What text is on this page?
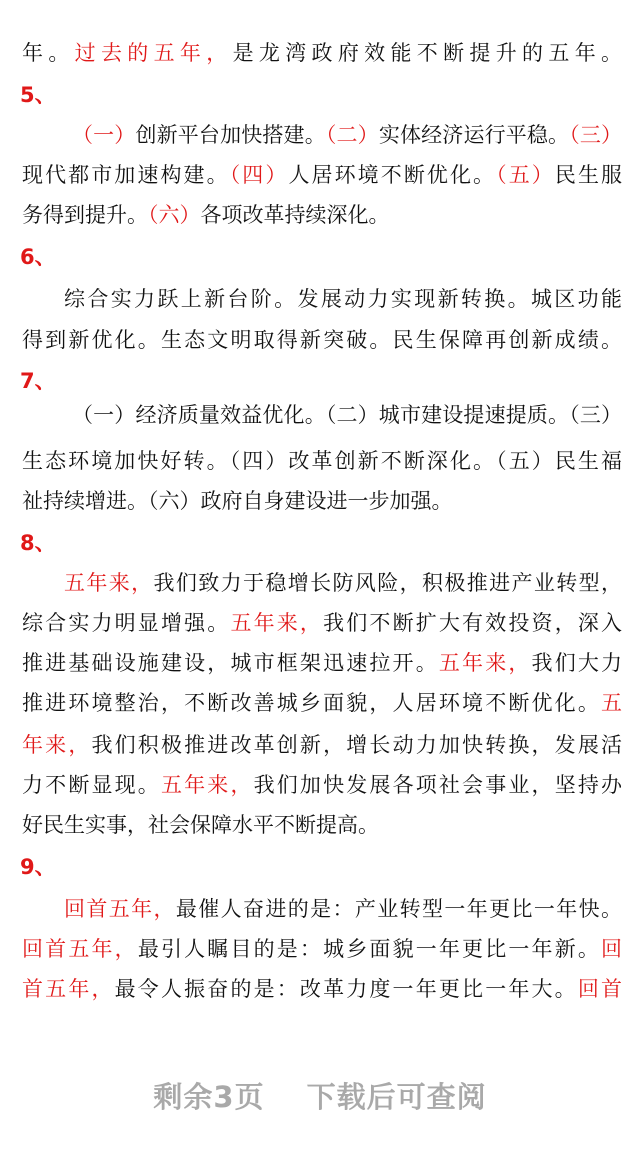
年。过去的五年，是龙湾政府效能不断提升的五年。
5、
（一）创新平台加快搭建。（二）实体经济运行平稳。（三）
现代都市加速构建。（四）人居环境不断优化。（五）民生服
务得到提升。（六）各项改革持续深化。
6、
综合实力跃上新台阶。发展动力实现新转换。城区功能
得到新优化。生态文明取得新突破。民生保障再创新成绩。
7、
（一）经济质量效益优化。（二）城市建设提速提质。（三）
生态环境加快好转。（四）改革创新不断深化。（五）民生福
祉持续增进。（六）政府自身建设进一步加强。
8、
五年来，我们致力于稳增长防风险，积极推进产业转型，
综合实力明显增强。五年来，我们不断扩大有效投资，深入
推进基础设施建设，城市框架迅速拉开。五年来，我们大力
推进环境整治，不断改善城乡面貌，人居环境不断优化。五
年来，我们积极推进改革创新，增长动力加快转换，发展活
力不断显现。五年来，我们加快发展各项社会事业，坚持办
好民生实事，社会保障水平不断提高。
9、
回首五年，最催人奋进的是：产业转型一年更比一年快。
回首五年，最引人瞩目的是：城乡面貌一年更比一年新。回
首五年，最令人振奋的是：改革力度一年更比一年大。回首
剩余3页 下载后可查阅
